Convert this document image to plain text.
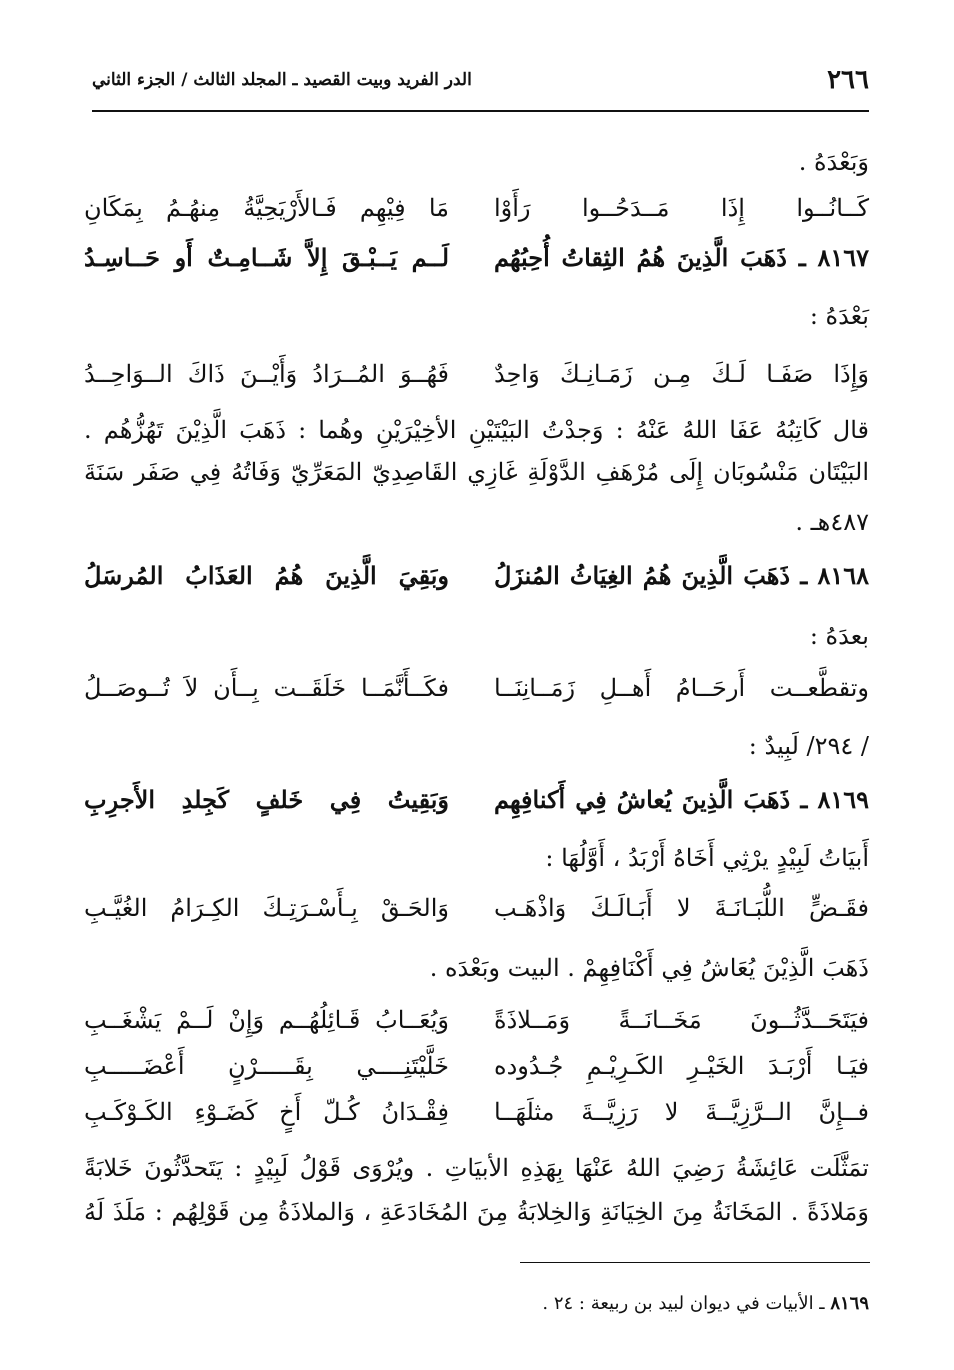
٢٦٦
الدر الفريد وبيت القصيد ـ المجلد الثالث / الجزء الثاني
وَبَعْدَهُ .
كَــانُــوا إِذَا مَــدَحُــوا رَأَوْا
مَا فِيْهِم فَـالأَرْيَحِيَّةُ مِنهُـمُ بِمَكَانِ
٨١٦٧ ـ ذَهَبَ الَّذِينَ هُمُ الثِقاتُ أُحِبُهُم
لَــم يَــبْـقَ إِلاَّ شَــامِـتٌ أَو حَــاسِـدُ
بَعْدَهُ :
وَإِذَا صَفَـا لَـكَ مِـن زَمَـانِـكَ وَاحِدٌ
فَهُــوَ المُــرَادُ وَأَيْــنَ ذَاكَ الــوَاحِــدُ
قال كَاتِبُهُ عَفَا اللهُ عَنْهُ : وَجدْتُ البَيْتَيْنِ الأخِيْرَيْنِ وهُما : ذَهَبَ الَّذِيْنَ تَهُزُّهُم .
البَيْتَان مَنْسُوبَان إِلَى مُرْهَفِ الدَّوْلَةِ غَازِي القَاصِدِيّ المَعَرِّيّ وَفَاتُهُ فِي صَفَر سَنَةَ
٤٨٧هـ .
٨١٦٨ ـ ذَهَبَ الَّذِينَ هُمُ الغِيَاثُ المُنزَلُ
وبَقِيَ الَّذِينَ هُمُ العَذَابُ المُرسَلُ
بعدَهُ :
وتقطَّعــت أَرحَــامُ أَهــلِ زَمَــانِنَــا
فكَــأَنَّمَــا خَلَقَــت بِــأَن لاَ تُــوصَــلُ
/ ٢٩٤/ لَبِيدٌ :
٨١٦٩ ـ ذَهَبَ الَّذِينَ يُعاشُ فِي أَكنافِهِم
وَبَقِيتُ فِي خَلفٍ كَجِلدِ الأَجرِبِ
أَبيَاتُ لَبِيْدٍ يرْثِي أَخَاهُ أَرْبَدُ ، أَوَّلُهَا :
فقَـضٍّ اللُّبَـانَـةَ لا أَبَـالَـكَ وَاذْهَـب
وَالحَـقْ بِـأَسْـرَتِـكَ الكِـرَامُ الغُيَّـبِ
ذَهَبَ الَّذِيْنَ يُعَاشُ فِي أَكْنَافِهِمْ . البيت وبَعْدَه .
فيَتَحَــدَّثُــونَ مَخَــانَــةً وَمَــلاذَةً
وَيُعَــابُ قَـائِلُهُــم وَإِنْ لَــمْ يَشْغَــبِ
فيَـا أَرْبَـدَ الخَيْـرِ الكَـرِيْـمِ جُـدُوده
خَلَّيْتَنِــــي بِقَـــــرْنٍ أَعْضَـــــبِ
فــإِنَّ الــرَّزِيَّــةَ لا رَزِيَّــةَ مثلَهَــا
فِقْـدَانُ كُـلّ أَخٍ كَضَـوْءِ الكَـوْكَـبِ
تمَثَّلَت عَائِشَةُ رَضِيَ اللهُ عَنْهَا بِهَذِهِ الأبيَاتِ . ويُرْوَى قَوْلُ لَبِيْدٍ : يَتَحدَّثُونَ خَلابَةً
وَمَلاذَةً . المَخَانَةُ مِنَ الخِيَانَةِ وَالخِلابَةُ مِنَ المُخَادَعَةِ ، وَالملاذَةُ مِن قَوْلِهُم : مَلَذَ لَهُ
٨١٦٩ ـ الأبيات في ديوان لبيد بن ربيعة : ٢٤ .
